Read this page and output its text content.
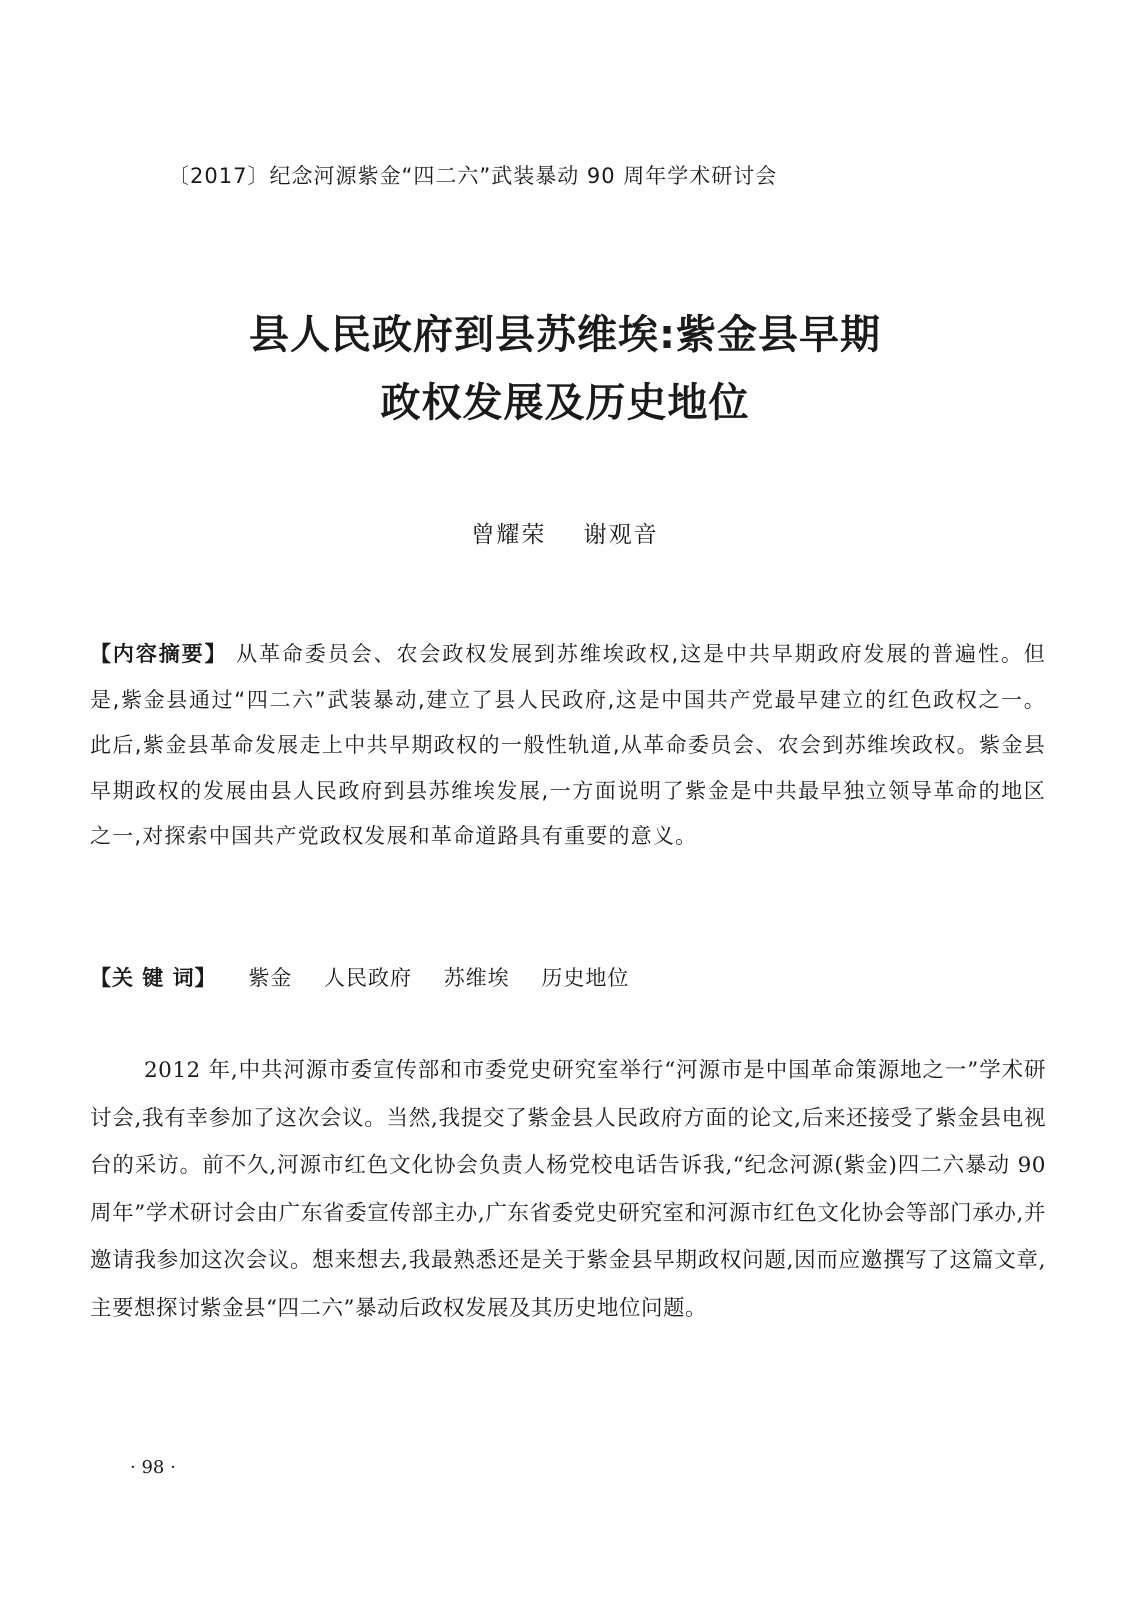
〔2017〕纪念河源紫金“四二六”武装暴动 90 周年学术研讨会
县人民政府到县苏维埃:紫金县早期
政权发展及历史地位
曾耀荣    谢观音
【内容摘要】 从革命委员会、农会政权发展到苏维埃政权,这是中共早期政府发展的普遍性。但是,紫金县通过“四二六”武装暴动,建立了县人民政府,这是中国共产党最早建立的红色政权之一。此后,紫金县革命发展走上中共早期政权的一般性轨道,从革命委员会、农会到苏维埃政权。紫金县早期政权的发展由县人民政府到县苏维埃发展,一方面说明了紫金是中共最早独立领导革命的地区之一,对探索中国共产党政权发展和革命道路具有重要的意义。
【关 键 词】 紫金 人民政府 苏维埃 历史地位
2012 年,中共河源市委宣传部和市委党史研究室举行“河源市是中国革命策源地之一”学术研讨会,我有幸参加了这次会议。当然,我提交了紫金县人民政府方面的论文,后来还接受了紫金县电视台的采访。前不久,河源市红色文化协会负责人杨党校电话告诉我,“纪念河源(紫金)四二六暴动 90 周年”学术研讨会由广东省委宣传部主办,广东省委党史研究室和河源市红色文化协会等部门承办,并邀请我参加这次会议。想来想去,我最熟悉还是关于紫金县早期政权问题,因而应邀撰写了这篇文章,主要想探讨紫金县“四二六”暴动后政权发展及其历史地位问题。
· 98 ·
